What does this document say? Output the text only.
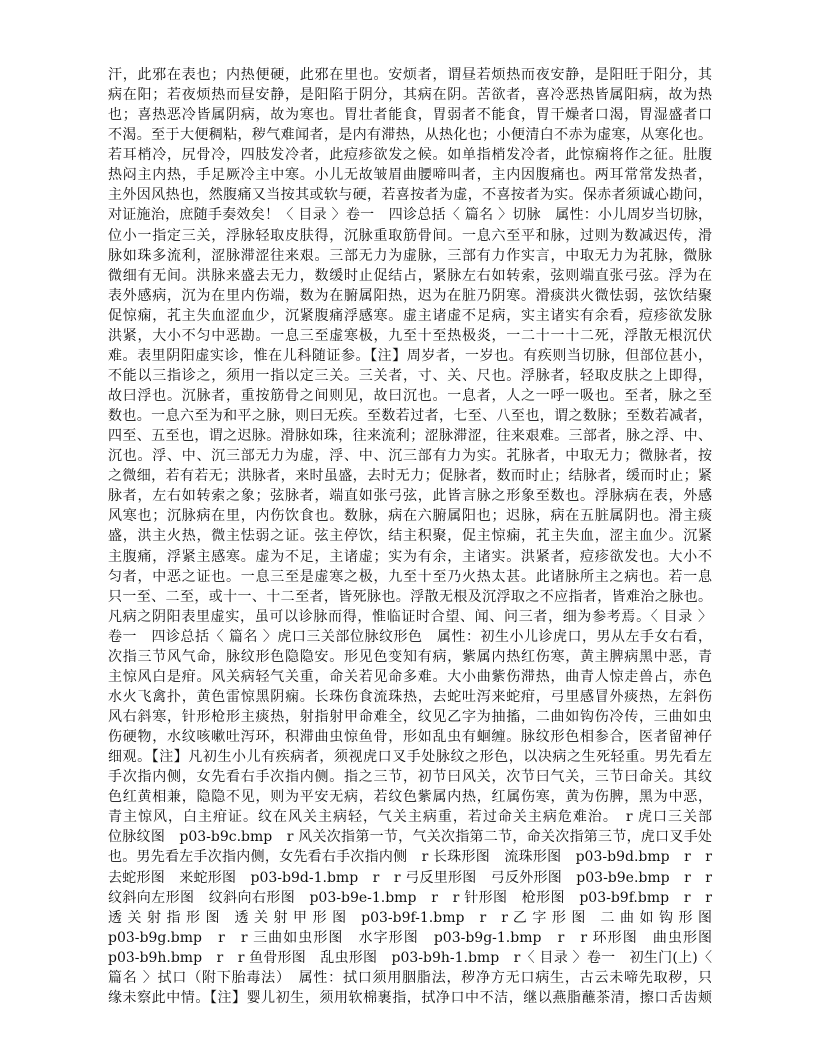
汗，此邪在表也；内热便硬，此邪在里也。安烦者，谓昼若烦热而夜安静，是阳旺于阳分，其
病在阳；若夜烦热而昼安静，是阳陷于阴分，其病在阴。苦欲者，喜冷恶热皆属阳病，故为热
也；喜热恶冷皆属阴病，故为寒也。胃壮者能食，胃弱者不能食，胃干燥者口渴，胃湿盛者口
不渴。至于大便稠粘，秽气难闻者，是内有滞热，从热化也；小便清白不赤为虚寒，从寒化也。
若耳梢冷，尻骨冷，四肢发冷者，此痘疹欲发之候。如单指梢发冷者，此惊痫将作之征。肚腹
热闷主内热，手足厥冷主中寒。小儿无故皱眉曲腰啼叫者，主内因腹痛也。两耳常常发热者，
主外因风热也，然腹痛又当按其或软与硬，若喜按者为虚，不喜按者为实。保赤者须诚心勘问，
对证施治，庶随手奏效矣！〈 目录 〉卷一　四诊总括〈 篇名 〉切脉　属性：小儿周岁当切脉，
位小一指定三关，浮脉轻取皮肤得，沉脉重取筋骨间。一息六至平和脉，过则为数减迟传，滑
脉如珠多流利，涩脉滞涩往来艰。三部无力为虚脉，三部有力作实言，中取无力为芤脉，微脉
微细有无间。洪脉来盛去无力，数缓时止促结占，紧脉左右如转索，弦则端直张弓弦。浮为在
表外感病，沉为在里内伤端，数为在腑属阳热，迟为在脏乃阴寒。滑痰洪火微怯弱，弦饮结聚
促惊痫，芤主失血涩血少，沉紧腹痛浮感寒。虚主诸虚不足病，实主诸实有余看，痘疹欲发脉
洪紧，大小不匀中恶勘。一息三至虚寒极，九至十至热极炎，一二十一十二死，浮散无根沉伏
难。表里阴阳虚实诊，惟在儿科随证参。【注】周岁者，一岁也。有疾则当切脉，但部位甚小，
不能以三指诊之，须用一指以定三关。三关者，寸、关、尺也。浮脉者，轻取皮肤之上即得，
故曰浮也。沉脉者，重按筋骨之间则见，故曰沉也。一息者，人之一呼一吸也。至者，脉之至
数也。一息六至为和平之脉，则曰无疾。至数若过者，七至、八至也，谓之数脉；至数若减者，
四至、五至也，谓之迟脉。滑脉如珠，往来流利；涩脉滞涩，往来艰难。三部者，脉之浮、中、
沉也。浮、中、沉三部无力为虚，浮、中、沉三部有力为实。芤脉者，中取无力；微脉者，按
之微细，若有若无；洪脉者，来时虽盛，去时无力；促脉者，数而时止；结脉者，缓而时止；紧
脉者，左右如转索之象；弦脉者，端直如张弓弦，此皆言脉之形象至数也。浮脉病在表，外感
风寒也；沉脉病在里，内伤饮食也。数脉，病在六腑属阳也；迟脉，病在五脏属阴也。滑主痰
盛，洪主火热，微主怯弱之证。弦主停饮，结主积聚，促主惊痫，芤主失血，涩主血少。沉紧
主腹痛，浮紧主感寒。虚为不足，主诸虚；实为有余，主诸实。洪紧者，痘疹欲发也。大小不
匀者，中恶之证也。一息三至是虚寒之极，九至十至乃火热太甚。此诸脉所主之病也。若一息
只一至、二至，或十一、十二至者，皆死脉也。浮散无根及沉浮取之不应指者，皆难治之脉也。
凡病之阴阳表里虚实，虽可以诊脉而得，惟临证时合望、闻、问三者，细为参考焉。〈 目录 〉
卷一　四诊总括〈 篇名 〉虎口三关部位脉纹形色　属性：初生小儿诊虎口，男从左手女右看，
次指三节风气命，脉纹形色隐隐安。形见色变知有病，紫属内热红伤寒，黄主脾病黑中恶，青
主惊风白是疳。风关病轻气关重，命关若见命多难。大小曲紫伤滞热，曲青人惊走兽占，赤色
水火飞禽扑，黄色雷惊黑阴痫。长珠伤食流珠热，去蛇吐泻来蛇疳，弓里感冒外痰热，左斜伤
风右斜寒，针形枪形主痰热，射指射甲命难全，纹见乙字为抽搐，二曲如钩伤冷传，三曲如虫
伤硬物，水纹咳嗽吐泻环，积滞曲虫惊鱼骨，形如乱虫有蛔缠。脉纹形色相参合，医者留神仔
细观。【注】凡初生小儿有疾病者，须视虎口叉手处脉纹之形色，以决病之生死轻重。男先看左
手次指内侧，女先看右手次指内侧。指之三节，初节曰风关，次节曰气关，三节曰命关。其纹
色红黄相兼，隐隐不见，则为平安无病，若纹色紫属内热，红属伤寒，黄为伤脾，黑为中恶，
青主惊风，白主疳证。纹在风关主病轻，气关主病重，若过命关主病危难治。　r 虎口三关部
位脉纹图　p03-b9c.bmp　r 风关次指第一节，气关次指第二节，命关次指第三节，虎口叉手处
也。男先看左手次指内侧，女先看右手次指内侧　r 长珠形图　流珠形图　p03-b9d.bmp　r　r
去蛇形图　来蛇形图　p03-b9d-1.bmp　r　r 弓反里形图　弓反外形图　p03-b9e.bmp　r　r
纹斜向左形图　纹斜向右形图　p03-b9e-1.bmp　r　r 针形图　枪形图　p03-b9f.bmp　r　r
透 关 射 指 形 图　透 关 射 甲 形 图　p03-b9f-1.bmp　r　r 乙 字 形 图　二 曲 如 钩 形 图
p03-b9g.bmp　r　r 三曲如虫形图　水字形图　p03-b9g-1.bmp　r　r 环形图　曲虫形图
p03-b9h.bmp　r　r 鱼骨形图　乱虫形图　p03-b9h-1.bmp　r〈 目录 〉卷一　初生门(上)〈
篇名 〉拭口（附下胎毒法）　属性：拭口须用胭脂法，秽净方无口病生，古云未啼先取秽，只
缘未察此中情。【注】婴儿初生，须用软棉裹指，拭净口中不洁，继以燕脂蘸茶清，擦口舌齿颊
